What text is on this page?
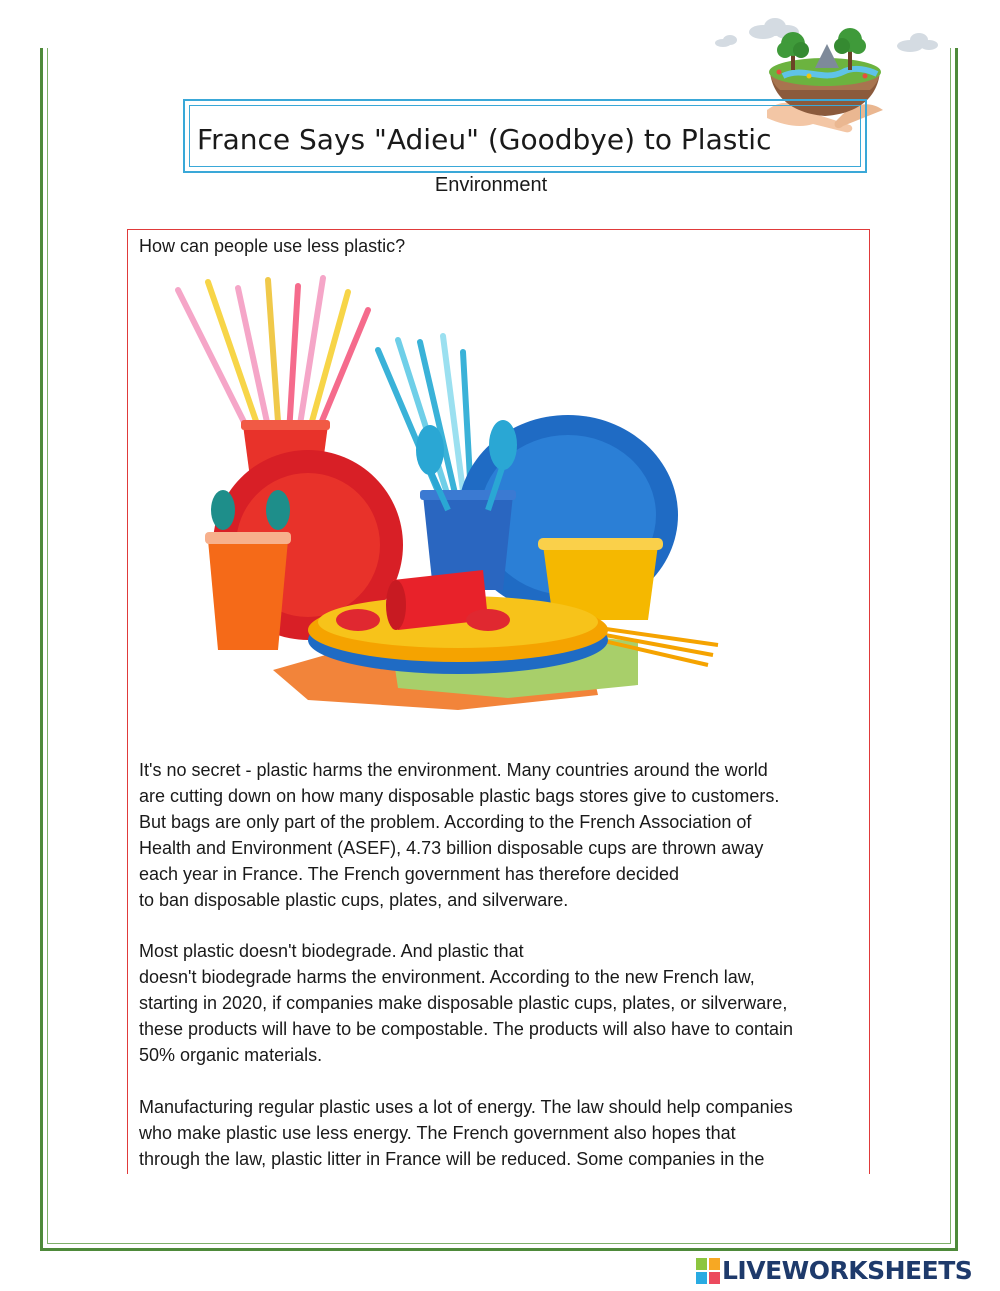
France Says "Adieu" (Goodbye) to Plastic
Environment
How can people use less plastic?
It's no secret - plastic harms the environment. Many countries around the world
are cutting down on how many disposable plastic bags stores give to customers.
But bags are only part of the problem. According to the French Association of
Health and Environment (ASEF), 4.73 billion disposable cups are thrown away
each year in France. The French government has therefore decided
to ban disposable plastic cups, plates, and silverware.
Most plastic doesn't biodegrade. And plastic that
doesn't biodegrade harms the environment. According to the new French law,
starting in 2020, if companies make disposable plastic cups, plates, or silverware,
these products will have to be compostable. The products will also have to contain
50% organic materials.
Manufacturing regular plastic uses a lot of energy. The law should help companies
who make plastic use less energy. The French government also hopes that
through the law, plastic litter in France will be reduced. Some companies in the
LIVEWORKSHEETS
